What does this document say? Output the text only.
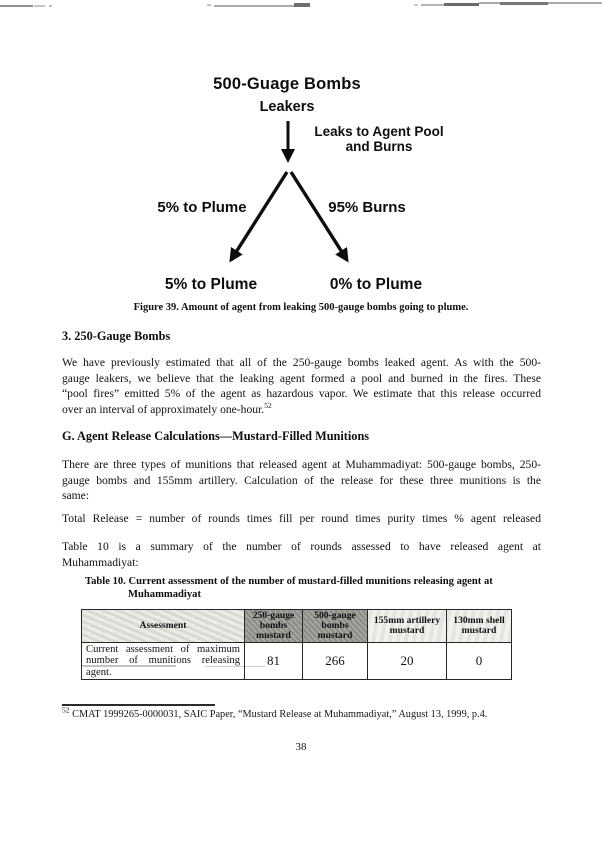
500-Guage Bombs
Leakers
Leaks to Agent Pool
and Burns
5% to Plume	95% Burns
5% to Plume	0% to Plume
Figure 39. Amount of agent from leaking 500-gauge bombs going to plume.
3. 250-Gauge Bombs
We have previously estimated that all of the 250-gauge bombs leaked agent. As with the 500-
gauge leakers, we believe that the leaking agent formed a pool and burned in the fires. These
“pool fires” emitted 5% of the agent as hazardous vapor. We estimate that this release occurred
over an interval of approximately one-hour.$^{52}$
G. Agent Release Calculations—Mustard-Filled Munitions
There are three types of munitions that released agent at Muhammadiyat: 500-gauge bombs, 250-
gauge bombs and 155mm artillery. Calculation of the release for these three munitions is the
same:
Total Release = number of rounds times fill per round times purity times % agent released
Table 10 is a summary of the number of rounds assessed to have released agent at
Muhammadiyat:
Table 10. Current assessment of the number of mustard-filled munitions releasing agent at
Muhammadiyat
Assessment	250-gauge bombs mustard	500-gauge bombs mustard	155mm artillery mustard	130mm shell mustard
Current assessment of maximum number of munitions releasing agent.	81	266	20	0
$^{52}$ CMAT 1999265-0000031, SAIC Paper, “Mustard Release at Muhammadiyat,” August 13, 1999, p.4.
38
